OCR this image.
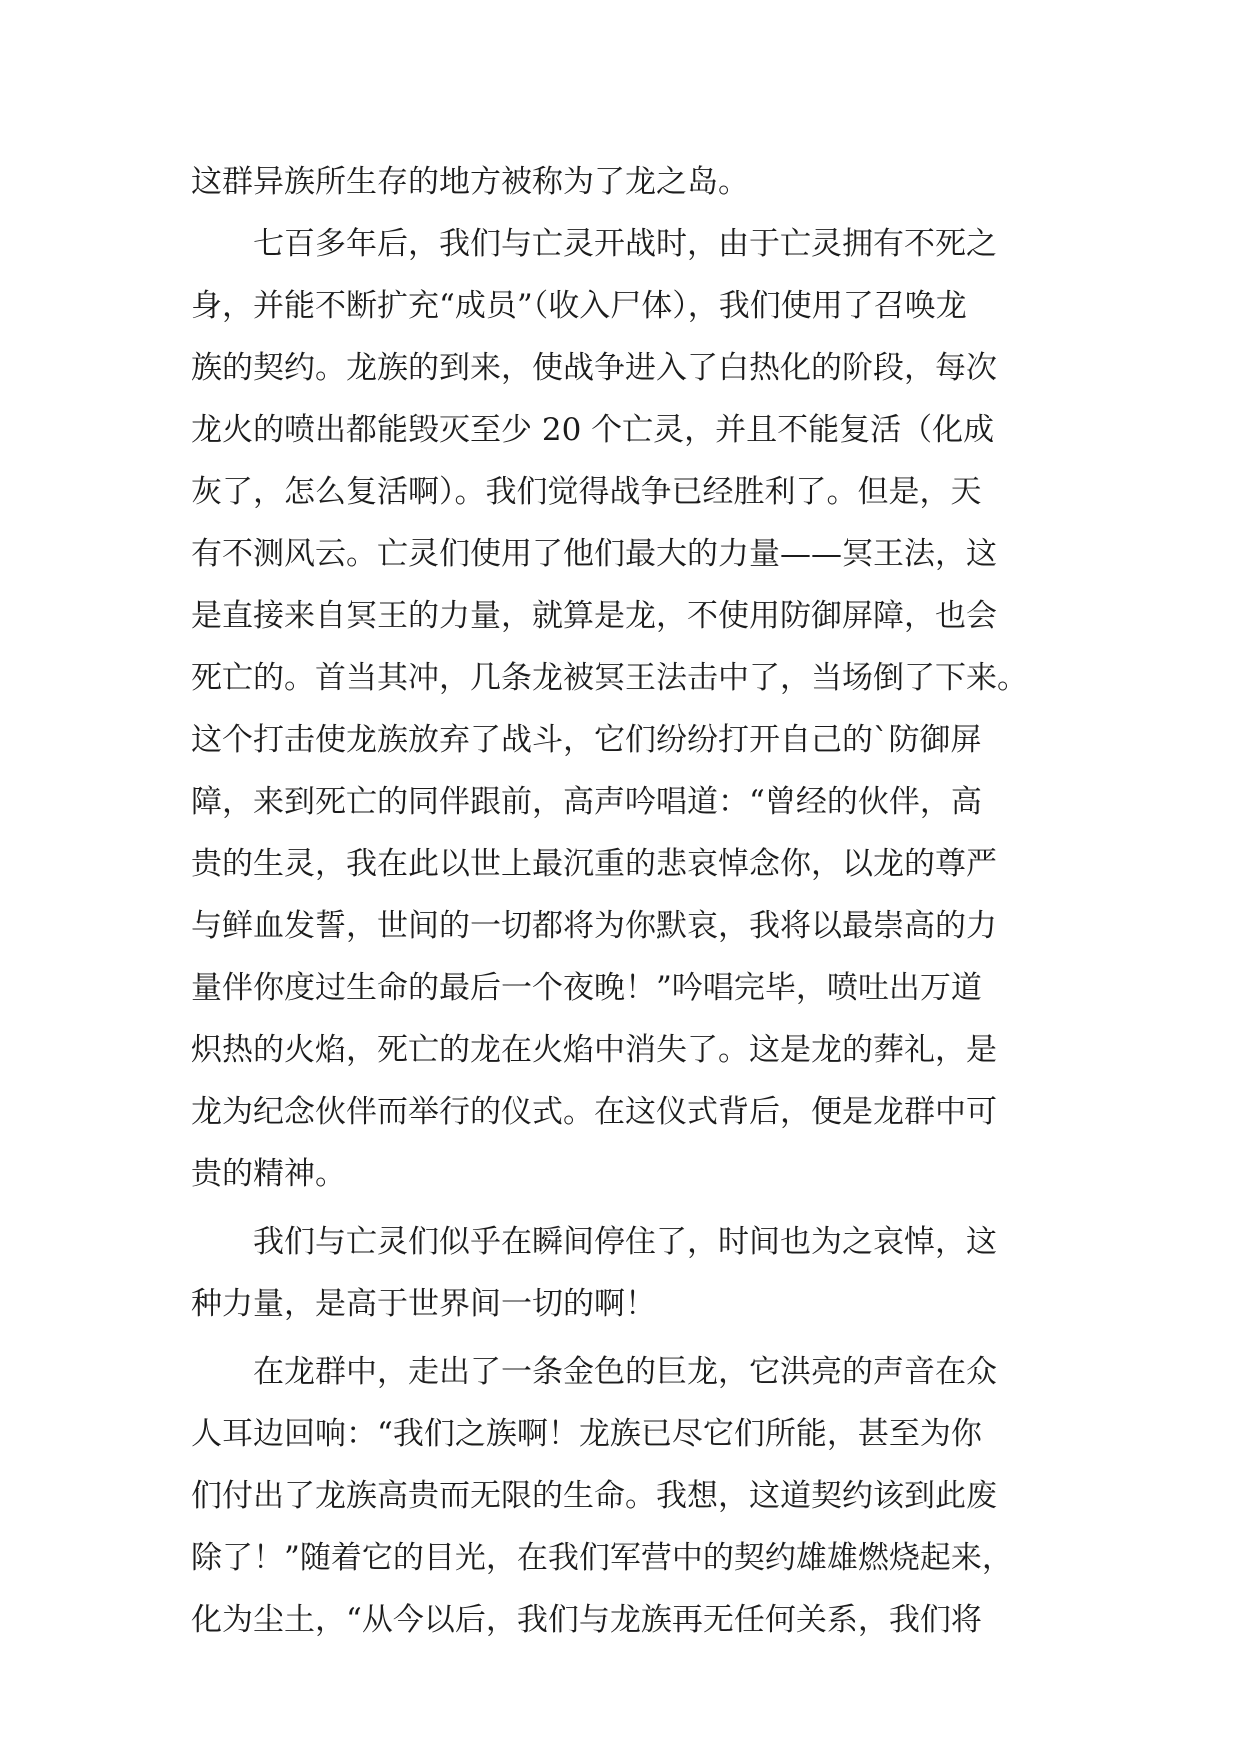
这群异族所生存的地方被称为了龙之岛。
　　七百多年后，我们与亡灵开战时，由于亡灵拥有不死之
身，并能不断扩充“成员”（收入尸体），我们使用了召唤龙
族的契约。龙族的到来，使战争进入了白热化的阶段，每次
龙火的喷出都能毁灭至少 20 个亡灵，并且不能复活（化成
灰了，怎么复活啊）。我们觉得战争已经胜利了。但是，天
有不测风云。亡灵们使用了他们最大的力量——冥王法，这
是直接来自冥王的力量，就算是龙，不使用防御屏障，也会
死亡的。首当其冲，几条龙被冥王法击中了，当场倒了下来。
这个打击使龙族放弃了战斗，它们纷纷打开自己的`防御屏
障，来到死亡的同伴跟前，高声吟唱道：“曾经的伙伴，高
贵的生灵，我在此以世上最沉重的悲哀悼念你，以龙的尊严
与鲜血发誓，世间的一切都将为你默哀，我将以最崇高的力
量伴你度过生命的最后一个夜晚！”吟唱完毕，喷吐出万道
炽热的火焰，死亡的龙在火焰中消失了。这是龙的葬礼，是
龙为纪念伙伴而举行的仪式。在这仪式背后，便是龙群中可
贵的精神。
　　我们与亡灵们似乎在瞬间停住了，时间也为之哀悼，这
种力量，是高于世界间一切的啊！
　　在龙群中，走出了一条金色的巨龙，它洪亮的声音在众
人耳边回响：“我们之族啊！龙族已尽它们所能，甚至为你
们付出了龙族高贵而无限的生命。我想，这道契约该到此废
除了！”随着它的目光，在我们军营中的契约雄雄燃烧起来，
化为尘土，“从今以后，我们与龙族再无任何关系，我们将
